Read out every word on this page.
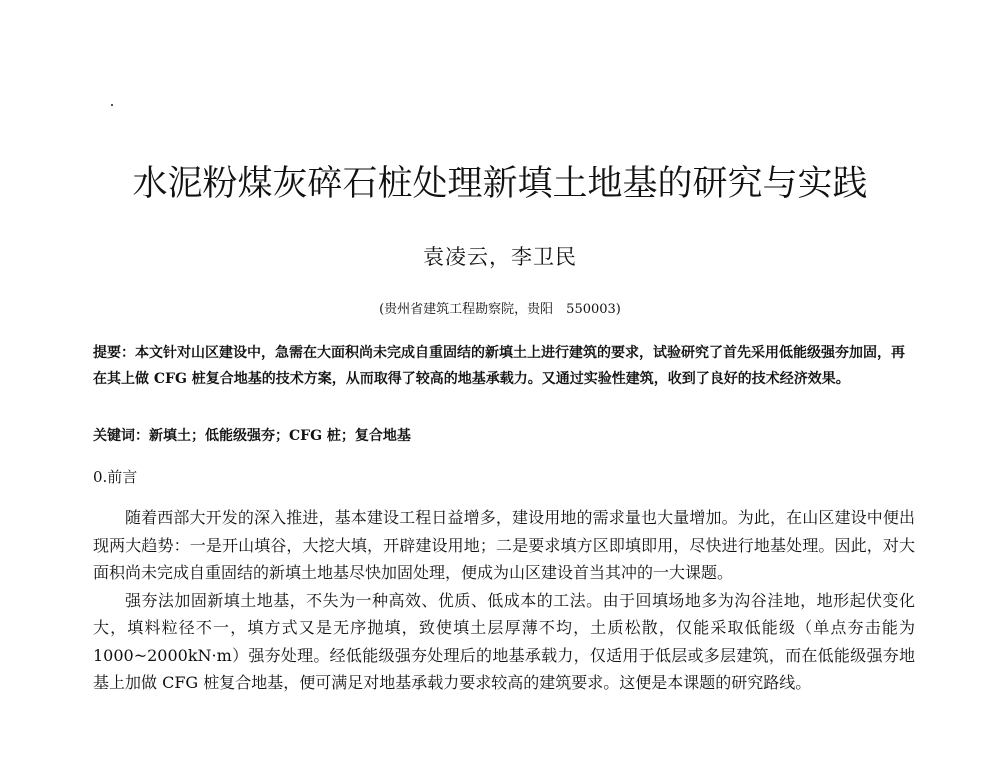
水泥粉煤灰碎石桩处理新填土地基的研究与实践
袁凌云，李卫民
(贵州省建筑工程勘察院，贵阳　550003)
提要：本文针对山区建设中，急需在大面积尚未完成自重固结的新填土上进行建筑的要求，试验研究了首先采用低能级强夯加固，再在其上做 CFG 桩复合地基的技术方案，从而取得了较高的地基承载力。又通过实验性建筑，收到了良好的技术经济效果。
关键词：新填土；低能级强夯；CFG 桩；复合地基
0.前言

随着西部大开发的深入推进，基本建设工程日益增多，建设用地的需求量也大量增加。为此，在山区建设中便出现两大趋势：一是开山填谷，大挖大填，开辟建设用地；二是要求填方区即填即用，尽快进行地基处理。因此，对大面积尚未完成自重固结的新填土地基尽快加固处理，便成为山区建设首当其冲的一大课题。

强夯法加固新填土地基，不失为一种高效、优质、低成本的工法。由于回填场地多为沟谷洼地，地形起伏变化大，填料粒径不一，填方式又是无序抛填，致使填土层厚薄不均，土质松散，仅能采取低能级（单点夯击能为 1000~2000kN·m）强夯处理。经低能级强夯处理后的地基承载力，仅适用于低层或多层建筑，而在低能级强夯地基上加做 CFG 桩复合地基，便可满足对地基承载力要求较高的建筑要求。这便是本课题的研究路线。
